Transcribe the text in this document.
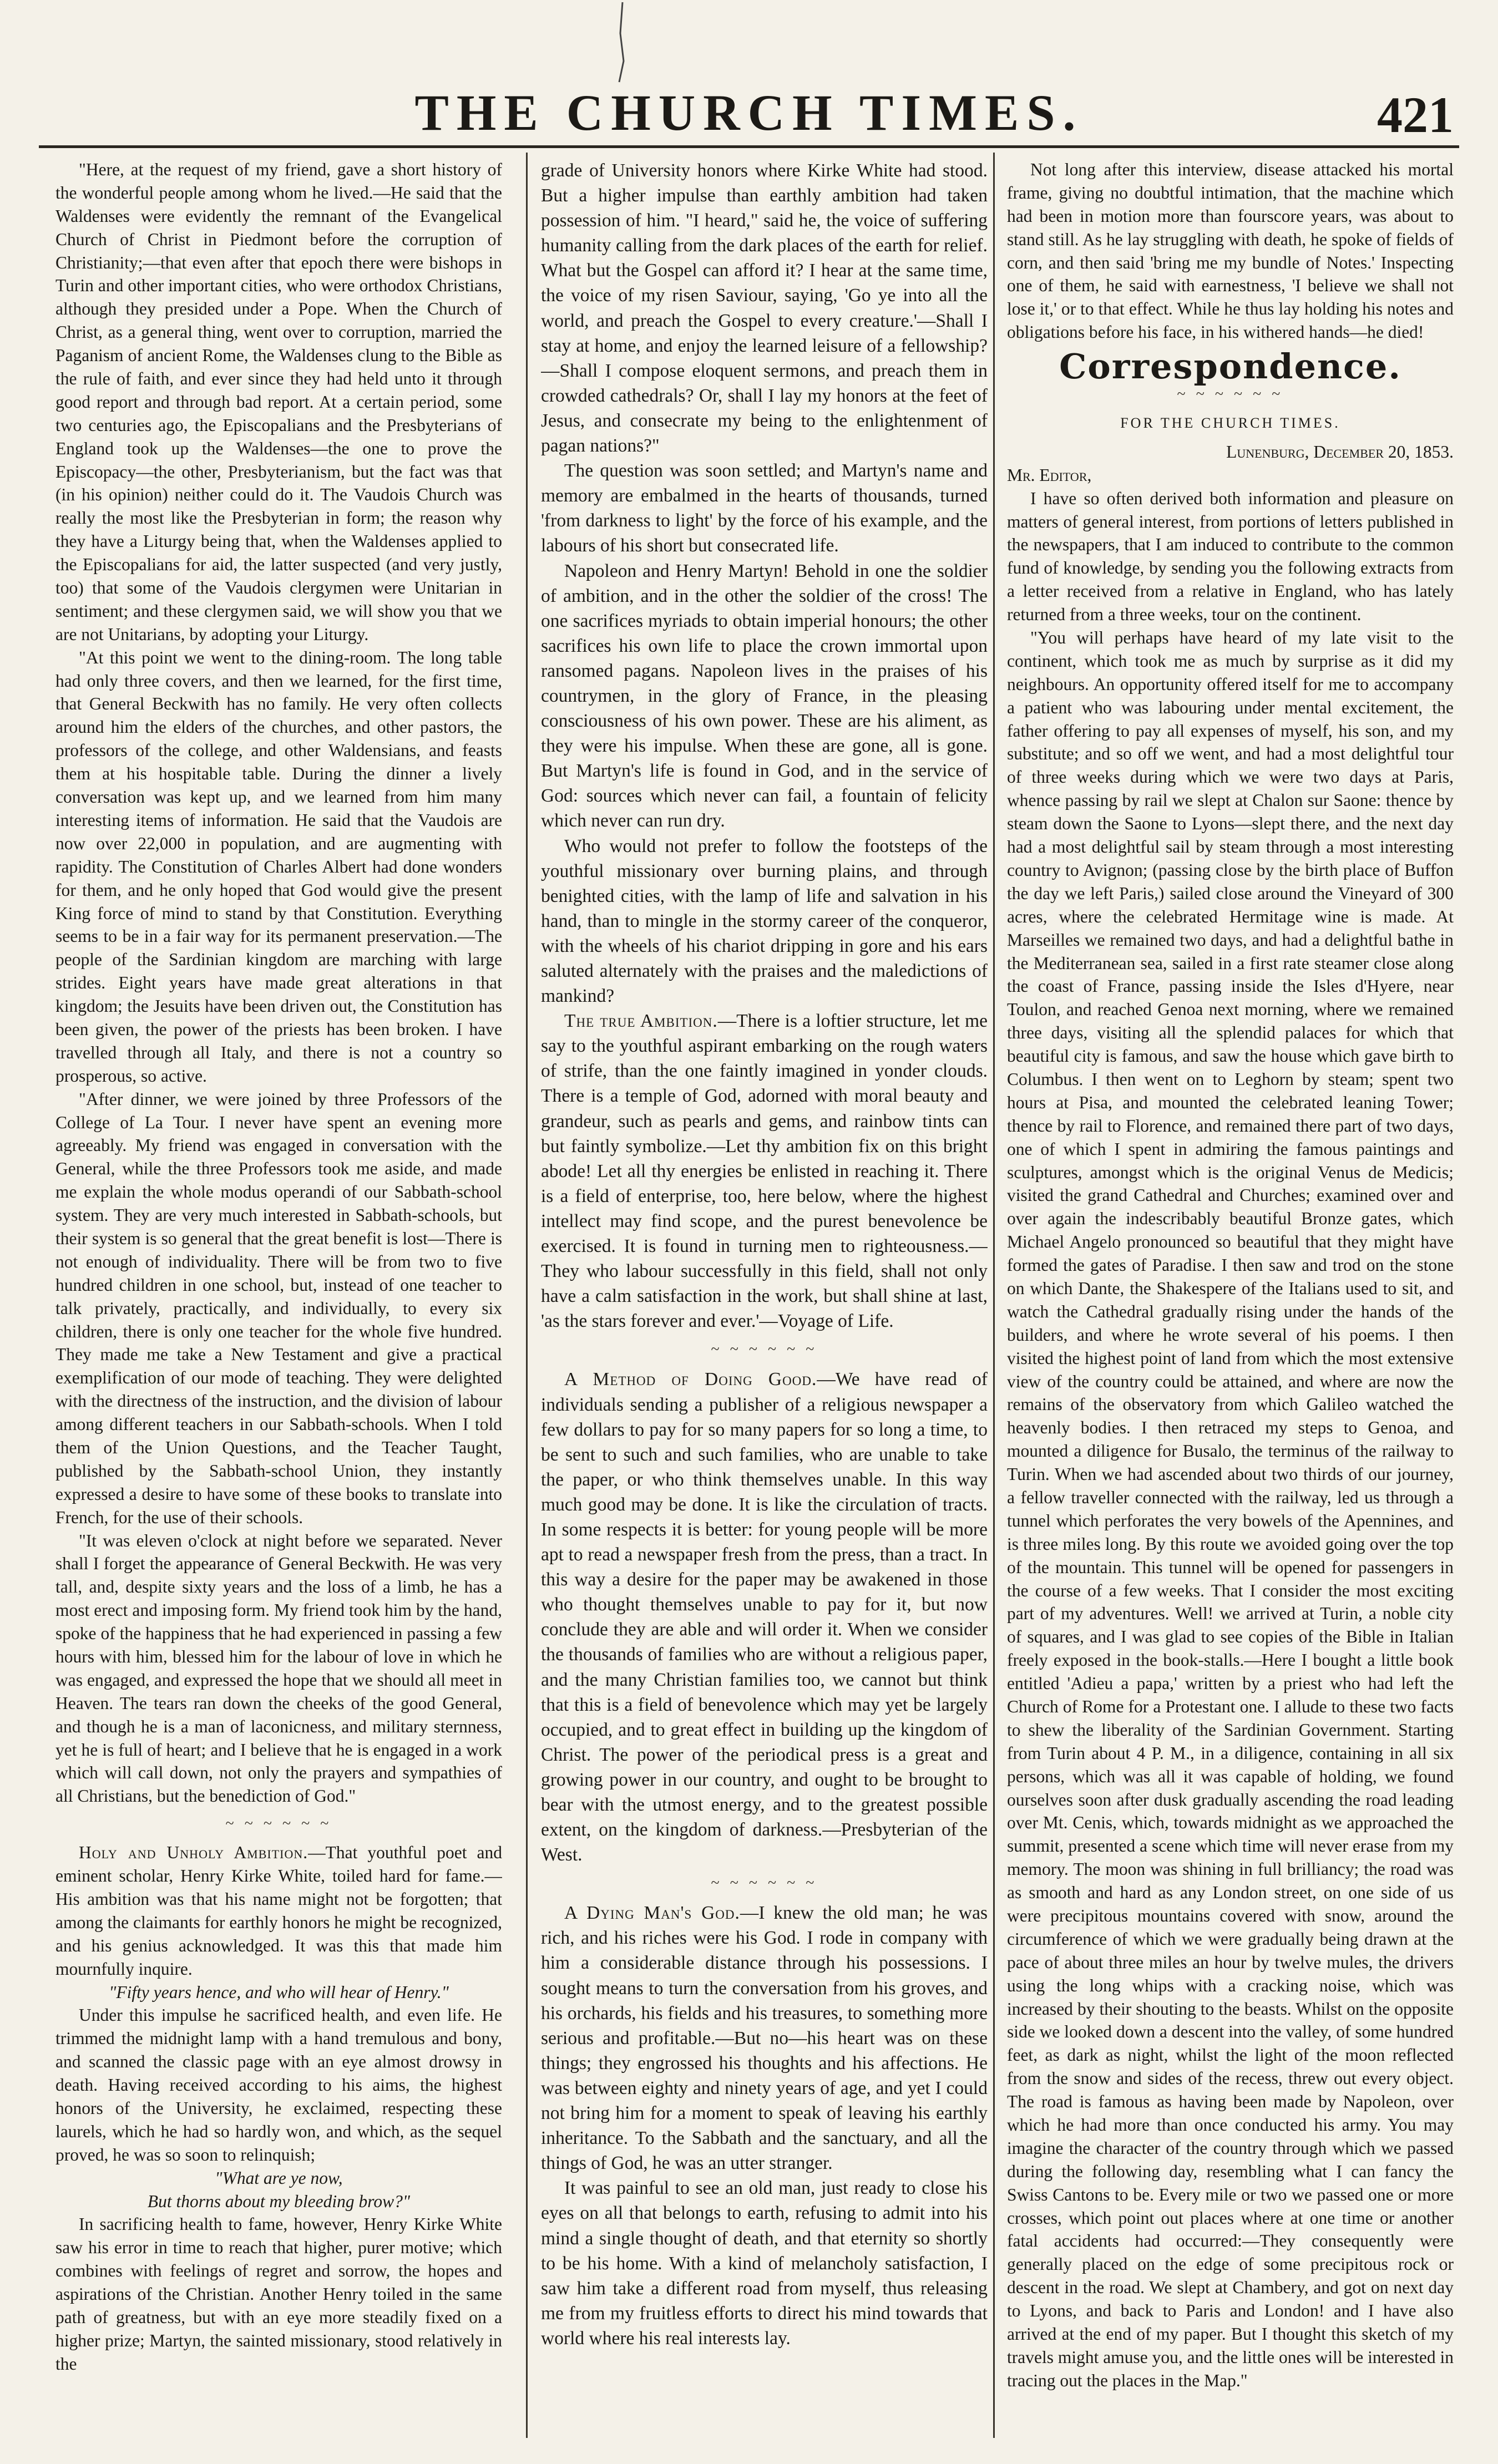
THE CHURCH TIMES.	421

"Here, at the request of my friend, gave a short history of the wonderful people among whom he lived.—He said that the Waldenses were evidently the remnant of the Evangelical Church of Christ in Piedmont before the corruption of Christianity;—that even after that epoch there were bishops in Turin and other important cities, who were orthodox Christians, although they presided under a Pope. When the Church of Christ, as a general thing, went over to corruption, married the Paganism of ancient Rome, the Waldenses clung to the Bible as the rule of faith, and ever since they had held unto it through good report and through bad report. At a certain period, some two centuries ago, the Episcopalians and the Presbyterians of England took up the Waldenses—the one to prove the Episcopacy—the other, Presbyterianism, but the fact was that (in his opinion) neither could do it. The Vaudois Church was really the most like the Presbyterian in form; the reason why they have a Liturgy being that, when the Waldenses applied to the Episcopalians for aid, the latter suspected (and very justly, too) that some of the Vaudois clergymen were Unitarian in sentiment; and these clergymen said, we will show you that we are not Unitarians, by adopting your Liturgy.

"At this point we went to the dining-room. The long table had only three covers, and then we learned, for the first time, that General Beckwith has no family. He very often collects around him the elders of the churches, and other pastors, the professors of the college, and other Waldensians, and feasts them at his hospitable table. During the dinner a lively conversation was kept up, and we learned from him many interesting items of information. He said that the Vaudois are now over 22,000 in population, and are augmenting with rapidity. The Constitution of Charles Albert had done wonders for them, and he only hoped that God would give the present King force of mind to stand by that Constitution. Everything seems to be in a fair way for its permanent preservation.—The people of the Sardinian kingdom are marching with large strides. Eight years have made great alterations in that kingdom; the Jesuits have been driven out, the Constitution has been given, the power of the priests has been broken. I have travelled through all Italy, and there is not a country so prosperous, so active.

"After dinner, we were joined by three Professors of the College of La Tour. I never have spent an evening more agreeably. My friend was engaged in conversation with the General, while the three Professors took me aside, and made me explain the whole modus operandi of our Sabbath-school system. They are very much interested in Sabbath-schools, but their system is so general that the great benefit is lost—There is not enough of individuality. There will be from two to five hundred children in one school, but, instead of one teacher to talk privately, practically, and individually, to every six children, there is only one teacher for the whole five hundred. They made me take a New Testament and give a practical exemplification of our mode of teaching. They were delighted with the directness of the instruction, and the division of labour among different teachers in our Sabbath-schools. When I told them of the Union Questions, and the Teacher Taught, published by the Sabbath-school Union, they instantly expressed a desire to have some of these books to translate into French, for the use of their schools.

"It was eleven o'clock at night before we separated. Never shall I forget the appearance of General Beckwith. He was very tall, and, despite sixty years and the loss of a limb, he has a most erect and imposing form. My friend took him by the hand, spoke of the happiness that he had experienced in passing a few hours with him, blessed him for the labour of love in which he was engaged, and expressed the hope that we should all meet in Heaven. The tears ran down the cheeks of the good General, and though he is a man of laconicness, and military sternness, yet he is full of heart; and I believe that he is engaged in a work which will call down, not only the prayers and sympathies of all Christians, but the benediction of God."

~ ~ ~ ~ ~ ~

Holy and Unholy Ambition.—That youthful poet and eminent scholar, Henry Kirke White, toiled hard for fame.—His ambition was that his name might not be forgotten; that among the claimants for earthly honors he might be recognized, and his genius acknowledged. It was this that made him mournfully inquire.

"Fifty years hence, and who will hear of Henry."

Under this impulse he sacrificed health, and even life. He trimmed the midnight lamp with a hand tremulous and bony, and scanned the classic page with an eye almost drowsy in death. Having received according to his aims, the highest honors of the University, he exclaimed, respecting these laurels, which he had so hardly won, and which, as the sequel proved, he was so soon to relinquish;

"What are ye now,

But thorns about my bleeding brow?"

In sacrificing health to fame, however, Henry Kirke White saw his error in time to reach that higher, purer motive; which combines with feelings of regret and sorrow, the hopes and aspirations of the Christian. Another Henry toiled in the same path of greatness, but with an eye more steadily fixed on a higher prize; Martyn, the sainted missionary, stood relatively in the

grade of University honors where Kirke White had stood. But a higher impulse than earthly ambition had taken possession of him. "I heard," said he, the voice of suffering humanity calling from the dark places of the earth for relief. What but the Gospel can afford it? I hear at the same time, the voice of my risen Saviour, saying, 'Go ye into all the world, and preach the Gospel to every creature.'—Shall I stay at home, and enjoy the learned leisure of a fellowship?—Shall I compose eloquent sermons, and preach them in crowded cathedrals? Or, shall I lay my honors at the feet of Jesus, and consecrate my being to the enlightenment of pagan nations?"

The question was soon settled; and Martyn's name and memory are embalmed in the hearts of thousands, turned 'from darkness to light' by the force of his example, and the labours of his short but consecrated life.

Napoleon and Henry Martyn! Behold in one the soldier of ambition, and in the other the soldier of the cross! The one sacrifices myriads to obtain imperial honours; the other sacrifices his own life to place the crown immortal upon ransomed pagans. Napoleon lives in the praises of his countrymen, in the glory of France, in the pleasing consciousness of his own power. These are his aliment, as they were his impulse. When these are gone, all is gone. But Martyn's life is found in God, and in the service of God: sources which never can fail, a fountain of felicity which never can run dry.

Who would not prefer to follow the footsteps of the youthful missionary over burning plains, and through benighted cities, with the lamp of life and salvation in his hand, than to mingle in the stormy career of the conqueror, with the wheels of his chariot dripping in gore and his ears saluted alternately with the praises and the maledictions of mankind?

The true Ambition.—There is a loftier structure, let me say to the youthful aspirant embarking on the rough waters of strife, than the one faintly imagined in yonder clouds. There is a temple of God, adorned with moral beauty and grandeur, such as pearls and gems, and rainbow tints can but faintly symbolize.—Let thy ambition fix on this bright abode! Let all thy energies be enlisted in reaching it. There is a field of enterprise, too, here below, where the highest intellect may find scope, and the purest benevolence be exercised. It is found in turning men to righteousness.—They who labour successfully in this field, shall not only have a calm satisfaction in the work, but shall shine at last, 'as the stars forever and ever.'—Voyage of Life.

~ ~ ~ ~ ~ ~

A Method of Doing Good.—We have read of individuals sending a publisher of a religious newspaper a few dollars to pay for so many papers for so long a time, to be sent to such and such families, who are unable to take the paper, or who think themselves unable. In this way much good may be done. It is like the circulation of tracts. In some respects it is better: for young people will be more apt to read a newspaper fresh from the press, than a tract. In this way a desire for the paper may be awakened in those who thought themselves unable to pay for it, but now conclude they are able and will order it. When we consider the thousands of families who are without a religious paper, and the many Christian families too, we cannot but think that this is a field of benevolence which may yet be largely occupied, and to great effect in building up the kingdom of Christ. The power of the periodical press is a great and growing power in our country, and ought to be brought to bear with the utmost energy, and to the greatest possible extent, on the kingdom of darkness.—Presbyterian of the West.

~ ~ ~ ~ ~ ~

A Dying Man's God.—I knew the old man; he was rich, and his riches were his God. I rode in company with him a considerable distance through his possessions. I sought means to turn the conversation from his groves, and his orchards, his fields and his treasures, to something more serious and profitable.—But no—his heart was on these things; they engrossed his thoughts and his affections. He was between eighty and ninety years of age, and yet I could not bring him for a moment to speak of leaving his earthly inheritance. To the Sabbath and the sanctuary, and all the things of God, he was an utter stranger.

It was painful to see an old man, just ready to close his eyes on all that belongs to earth, refusing to admit into his mind a single thought of death, and that eternity so shortly to be his home. With a kind of melancholy satisfaction, I saw him take a different road from myself, thus releasing me from my fruitless efforts to direct his mind towards that world where his real interests lay.

Not long after this interview, disease attacked his mortal frame, giving no doubtful intimation, that the machine which had been in motion more than fourscore years, was about to stand still. As he lay struggling with death, he spoke of fields of corn, and then said 'bring me my bundle of Notes.' Inspecting one of them, he said with earnestness, 'I believe we shall not lose it,' or to that effect. While he thus lay holding his notes and obligations before his face, in his withered hands—he died!

Correspondence.
~ ~ ~ ~ ~ ~
FOR THE CHURCH TIMES.

Lunenburg, December 20, 1853.

Mr. Editor,

I have so often derived both information and pleasure on matters of general interest, from portions of letters published in the newspapers, that I am induced to contribute to the common fund of knowledge, by sending you the following extracts from a letter received from a relative in England, who has lately returned from a three weeks, tour on the continent.

"You will perhaps have heard of my late visit to the continent, which took me as much by surprise as it did my neighbours. An opportunity offered itself for me to accompany a patient who was labouring under mental excitement, the father offering to pay all expenses of myself, his son, and my substitute; and so off we went, and had a most delightful tour of three weeks during which we were two days at Paris, whence passing by rail we slept at Chalon sur Saone: thence by steam down the Saone to Lyons—slept there, and the next day had a most delightful sail by steam through a most interesting country to Avignon; (passing close by the birth place of Buffon the day we left Paris,) sailed close around the Vineyard of 300 acres, where the celebrated Hermitage wine is made. At Marseilles we remained two days, and had a delightful bathe in the Mediterranean sea, sailed in a first rate steamer close along the coast of France, passing inside the Isles d'Hyere, near Toulon, and reached Genoa next morning, where we remained three days, visiting all the splendid palaces for which that beautiful city is famous, and saw the house which gave birth to Columbus. I then went on to Leghorn by steam; spent two hours at Pisa, and mounted the celebrated leaning Tower; thence by rail to Florence, and remained there part of two days, one of which I spent in admiring the famous paintings and sculptures, amongst which is the original Venus de Medicis; visited the grand Cathedral and Churches; examined over and over again the indescribably beautiful Bronze gates, which Michael Angelo pronounced so beautiful that they might have formed the gates of Paradise. I then saw and trod on the stone on which Dante, the Shakespere of the Italians used to sit, and watch the Cathedral gradually rising under the hands of the builders, and where he wrote several of his poems. I then visited the highest point of land from which the most extensive view of the country could be attained, and where are now the remains of the observatory from which Galileo watched the heavenly bodies. I then retraced my steps to Genoa, and mounted a diligence for Busalo, the terminus of the railway to Turin. When we had ascended about two thirds of our journey, a fellow traveller connected with the railway, led us through a tunnel which perforates the very bowels of the Apennines, and is three miles long. By this route we avoided going over the top of the mountain. This tunnel will be opened for passengers in the course of a few weeks. That I consider the most exciting part of my adventures. Well! we arrived at Turin, a noble city of squares, and I was glad to see copies of the Bible in Italian freely exposed in the book-stalls.—Here I bought a little book entitled 'Adieu a papa,' written by a priest who had left the Church of Rome for a Protestant one. I allude to these two facts to shew the liberality of the Sardinian Government. Starting from Turin about 4 P. M., in a diligence, containing in all six persons, which was all it was capable of holding, we found ourselves soon after dusk gradually ascending the road leading over Mt. Cenis, which, towards midnight as we approached the summit, presented a scene which time will never erase from my memory. The moon was shining in full brilliancy; the road was as smooth and hard as any London street, on one side of us were precipitous mountains covered with snow, around the circumference of which we were gradually being drawn at the pace of about three miles an hour by twelve mules, the drivers using the long whips with a cracking noise, which was increased by their shouting to the beasts. Whilst on the opposite side we looked down a descent into the valley, of some hundred feet, as dark as night, whilst the light of the moon reflected from the snow and sides of the recess, threw out every object. The road is famous as having been made by Napoleon, over which he had more than once conducted his army. You may imagine the character of the country through which we passed during the following day, resembling what I can fancy the Swiss Cantons to be. Every mile or two we passed one or more crosses, which point out places where at one time or another fatal accidents had occurred:—They consequently were generally placed on the edge of some precipitous rock or descent in the road. We slept at Chambery, and got on next day to Lyons, and back to Paris and London! and I have also arrived at the end of my paper. But I thought this sketch of my travels might amuse you, and the little ones will be interested in tracing out the places in the Map."
